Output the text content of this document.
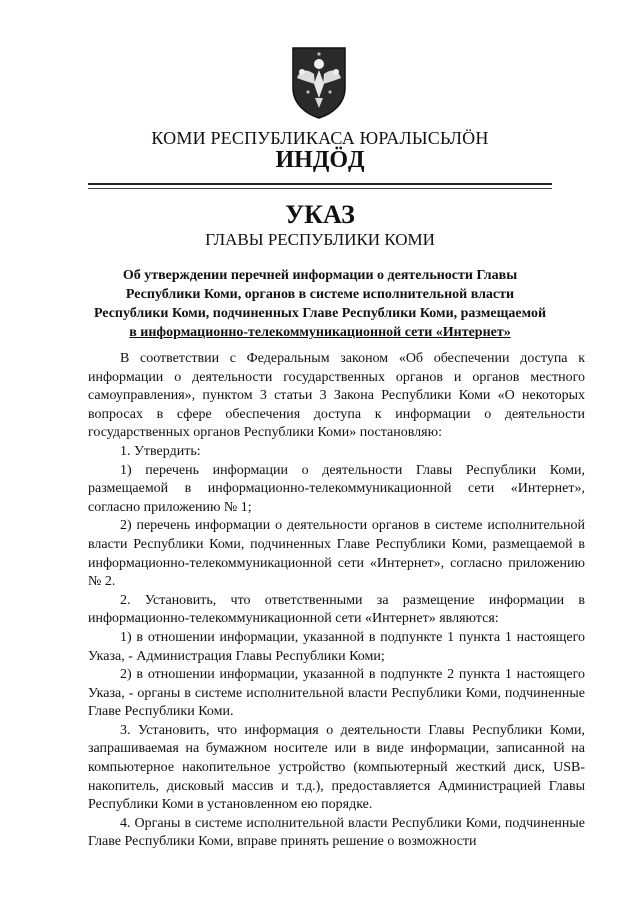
КОМИ РЕСПУБЛИКАСА ЮРАЛЫСЬЛӦН
ИНДӦД
УКАЗ
ГЛАВЫ РЕСПУБЛИКИ КОМИ
Об утверждении перечней информации о деятельности Главы
Республики Коми, органов в системе исполнительной власти
Республики Коми, подчиненных Главе Республики Коми, размещаемой
в информационно-телекоммуникационной сети «Интернет»

В соответствии с Федеральным законом «Об обеспечении доступа к информации о деятельности государственных органов и органов местного самоуправления», пунктом 3 статьи 3 Закона Республики Коми «О некоторых вопросах в сфере обеспечения доступа к информации о деятельности государственных органов Республики Коми» постановляю:

1. Утвердить:

1) перечень информации о деятельности Главы Республики Коми, размещаемой в информационно-телекоммуникационной сети «Интернет», согласно приложению № 1;

2) перечень информации о деятельности органов в системе исполнительной власти Республики Коми, подчиненных Главе Республики Коми, размещаемой в информационно-телекоммуникационной сети «Интернет», согласно приложению № 2.

2. Установить, что ответственными за размещение информации в информационно-телекоммуникационной сети «Интернет» являются:

1) в отношении информации, указанной в подпункте 1 пункта 1 настоящего Указа, - Администрация Главы Республики Коми;

2) в отношении информации, указанной в подпункте 2 пункта 1 настоящего Указа, - органы в системе исполнительной власти Республики Коми, подчиненные Главе Республики Коми.

3. Установить, что информация о деятельности Главы Республики Коми, запрашиваемая на бумажном носителе или в виде информации, записанной на компьютерное накопительное устройство (компьютерный жесткий диск, USB-накопитель, дисковый массив и т.д.), предоставляется Администрацией Главы Республики Коми в установленном ею порядке.

4. Органы в системе исполнительной власти Республики Коми, подчиненные Главе Республики Коми, вправе принять решение о возможности
